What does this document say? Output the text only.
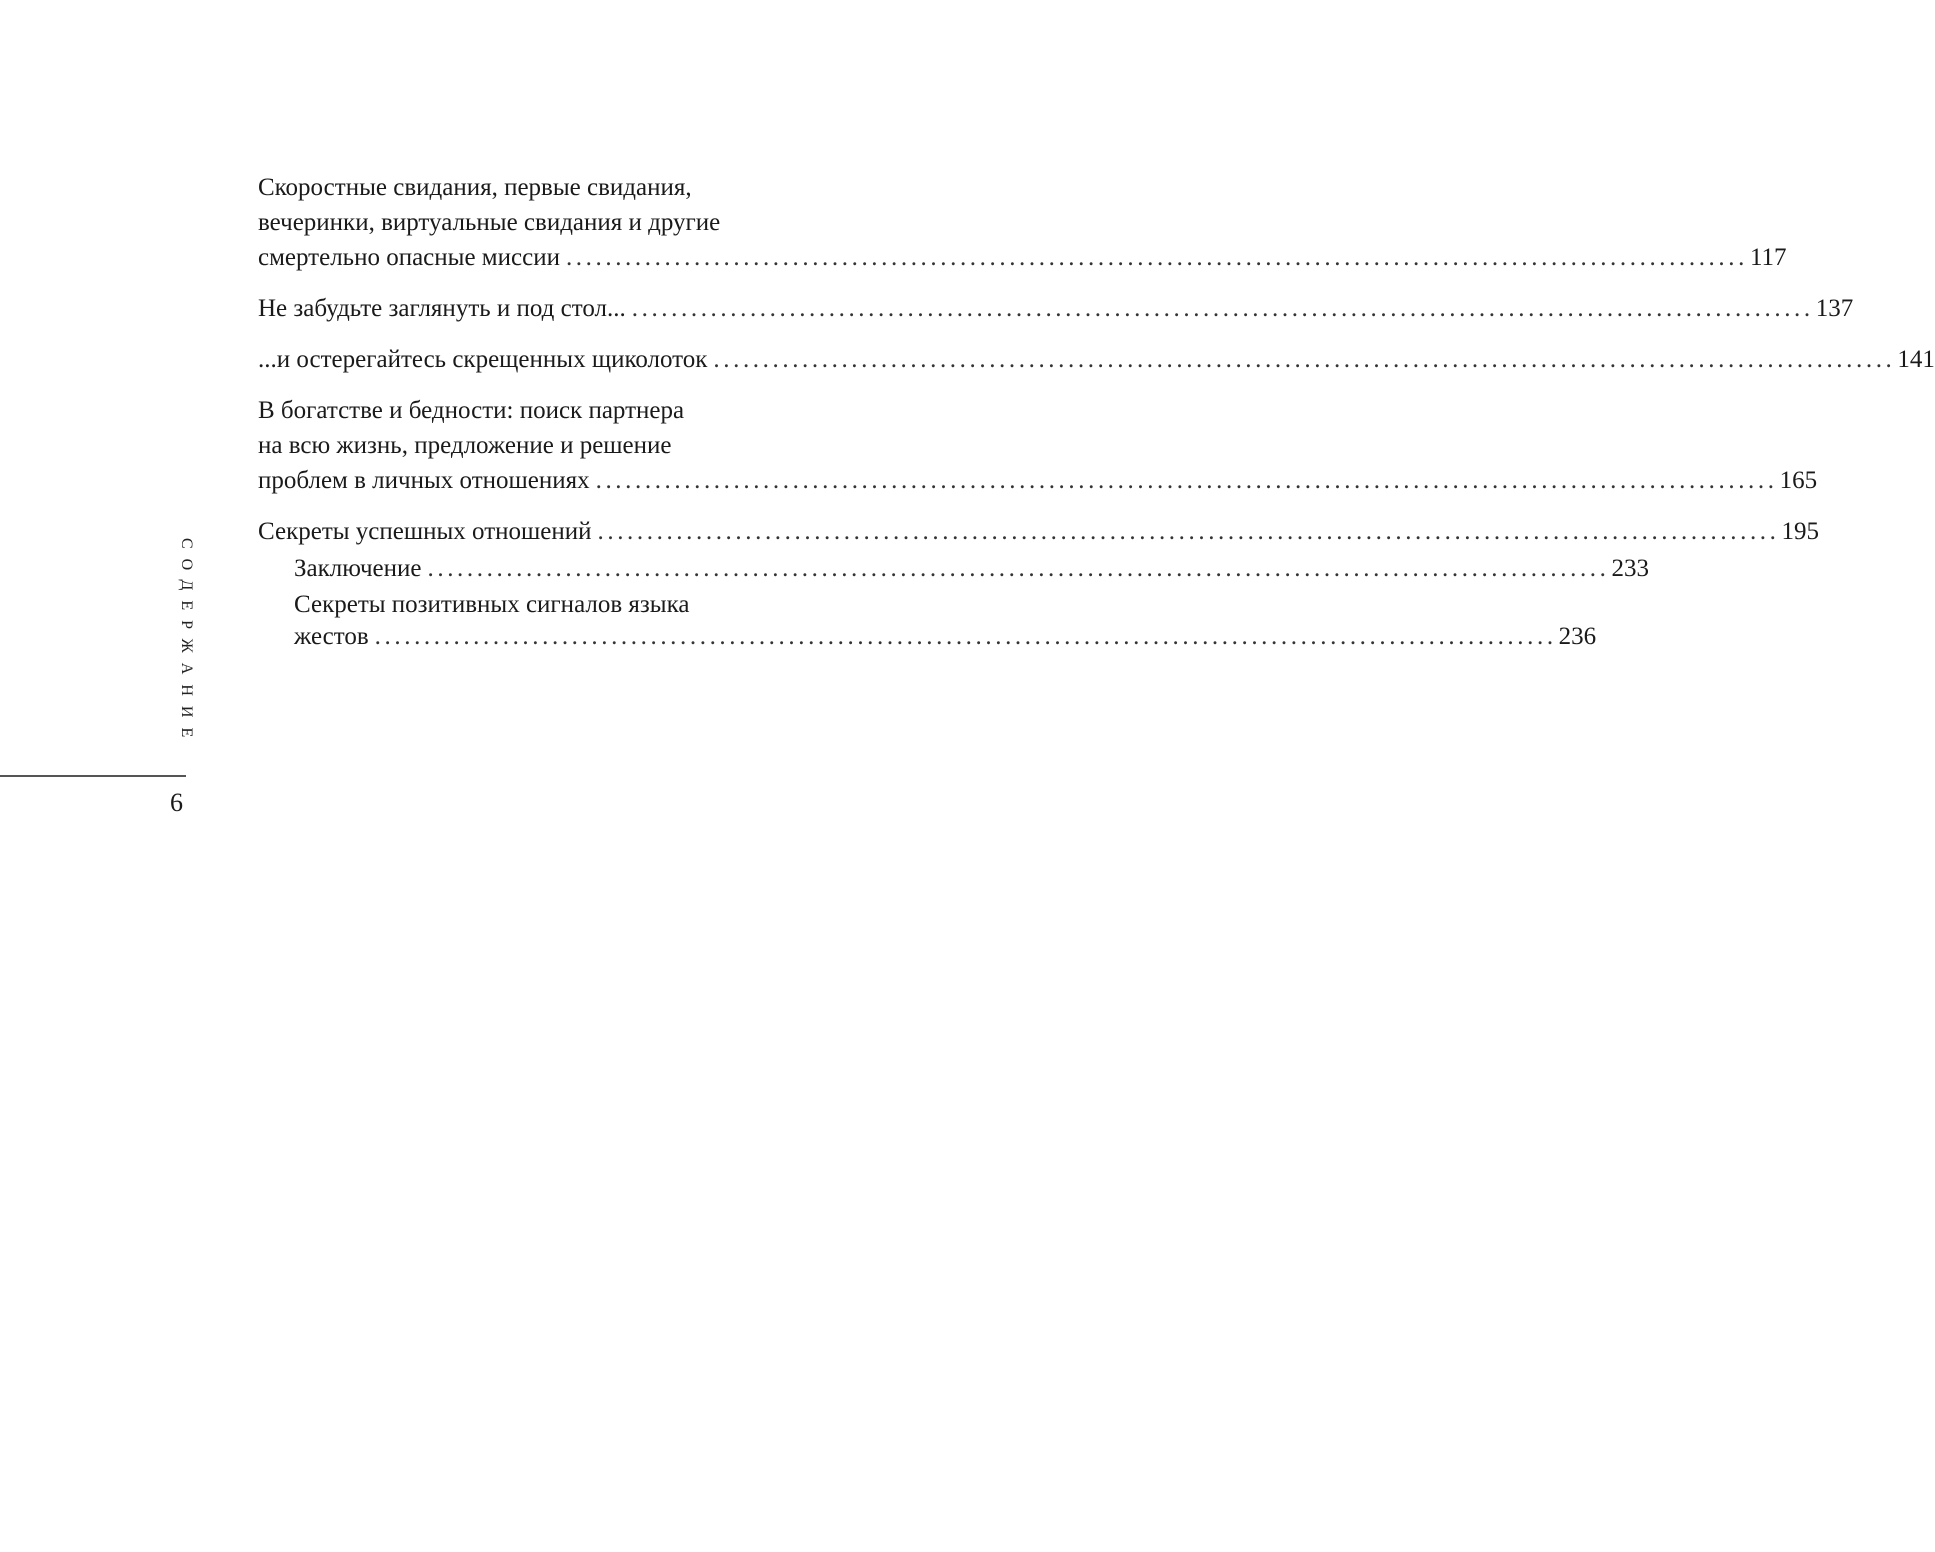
Скоростные свидания, первые свидания,
вечеринки, виртуальные свидания и другие
смертельно опасные миссии ........................................................................................................................ 117
Не забудьте заглянуть и под стол... ........................................................................................................................ 137
...и остерегайтесь скрещенных щиколоток ........................................................................................................................ 141
В богатстве и бедности: поиск партнера
на всю жизнь, предложение и решение
проблем в личных отношениях ........................................................................................................................ 165
Секреты успешных отношений ........................................................................................................................ 195
Заключение ........................................................................................................................ 233
Секреты позитивных сигналов языка
жестов ........................................................................................................................ 236
СОДЕРЖАНИЕ
6
